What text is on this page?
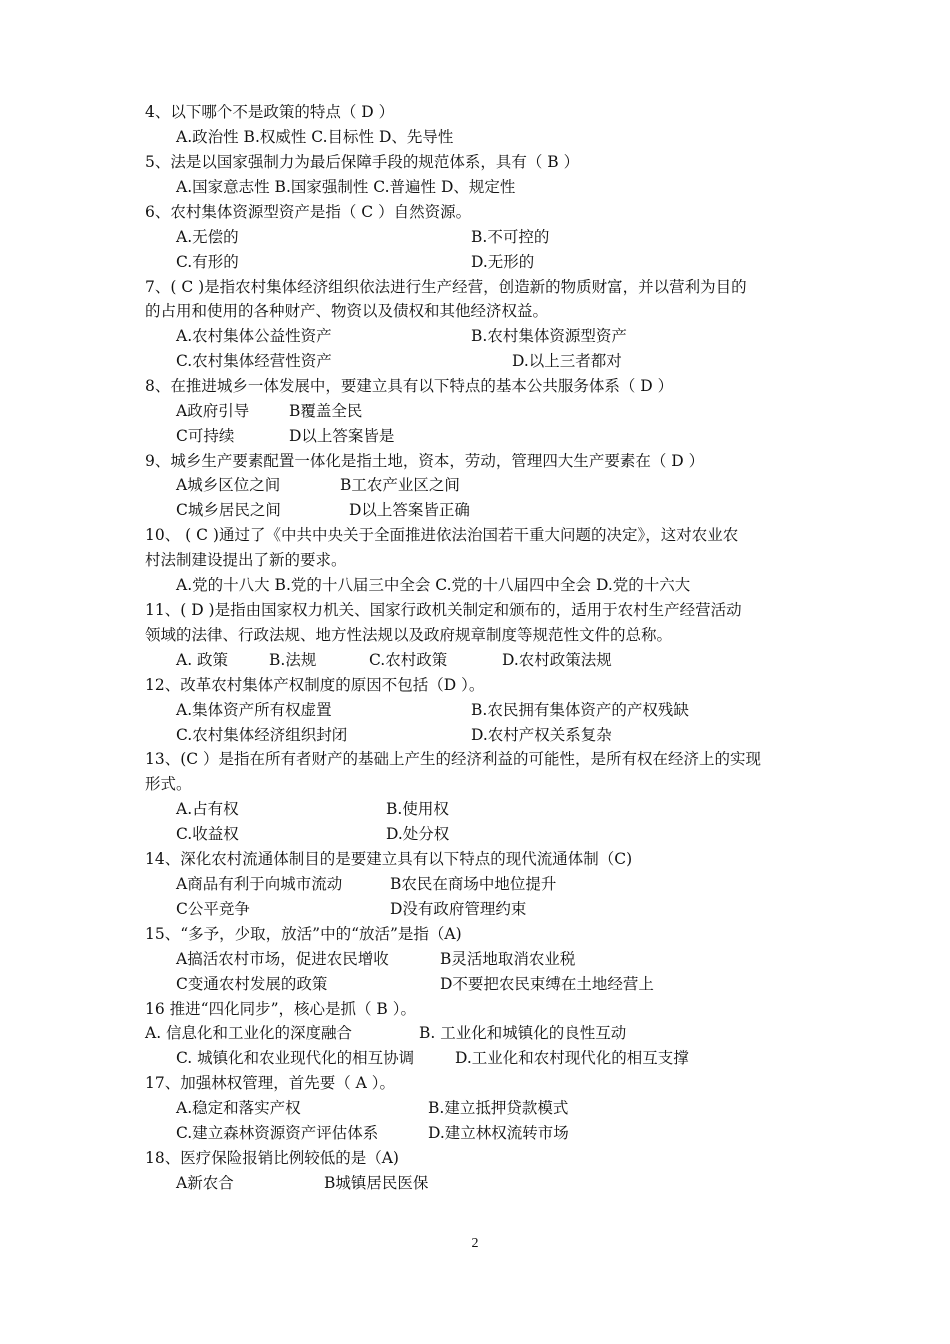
4、以下哪个不是政策的特点（ D ）
A.政治性 B.权威性 C.目标性 D、先导性
5、法是以国家强制力为最后保障手段的规范体系，具有（ B ）
A.国家意志性 B.国家强制性 C.普遍性 D、规定性
6、农村集体资源型资产是指（ C ）自然资源。
A.无偿的	B.不可控的
C.有形的	D.无形的
7、( C )是指农村集体经济组织依法进行生产经营，创造新的物质财富，并以营利为目的
的占用和使用的各种财产、物资以及债权和其他经济权益。
A.农村集体公益性资产	B.农村集体资源型资产
C.农村集体经营性资产	D.以上三者都对
8、在推进城乡一体发展中，要建立具有以下特点的基本公共服务体系（ D ）
A政府引导	B覆盖全民
C可持续	D以上答案皆是
9、城乡生产要素配置一体化是指土地，资本，劳动，管理四大生产要素在（ D ）
A城乡区位之间	B工农产业区之间
C城乡居民之间	D以上答案皆正确
10、 ( C )通过了《中共中央关于全面推进依法治国若干重大问题的决定》，这对农业农
村法制建设提出了新的要求。
A.党的十八大 B.党的十八届三中全会 C.党的十八届四中全会 D.党的十六大
11、( D )是指由国家权力机关、国家行政机关制定和颁布的，适用于农村生产经营活动
领域的法律、行政法规、地方性法规以及政府规章制度等规范性文件的总称。
A. 政策	B.法规	C.农村政策	D.农村政策法规
12、改革农村集体产权制度的原因不包括（D ）。
A.集体资产所有权虚置	B.农民拥有集体资产的产权残缺
C.农村集体经济组织封闭	D.农村产权关系复杂
13、(C ）是指在所有者财产的基础上产生的经济利益的可能性，是所有权在经济上的实现
形式。
A.占有权	B.使用权
C.收益权	D.处分权
14、深化农村流通体制目的是要建立具有以下特点的现代流通体制（C)
A商品有利于向城市流动	B农民在商场中地位提升
C公平竞争	D没有政府管理约束
15、“多予，少取，放活”中的“放活”是指（A)
A搞活农村市场，促进农民增收	B灵活地取消农业税
C变通农村发展的政策	D不要把农民束缚在土地经营上
16 推进“四化同步”，核心是抓（ B ）。
A. 信息化和工业化的深度融合	B. 工业化和城镇化的良性互动
C. 城镇化和农业现代化的相互协调	D.工业化和农村现代化的相互支撑
17、加强林权管理，首先要（ A ）。
A.稳定和落实产权	B.建立抵押贷款模式
C.建立森林资源资产评估体系	D.建立林权流转市场
18、医疗保险报销比例较低的是（A)
A新农合	B城镇居民医保
2
